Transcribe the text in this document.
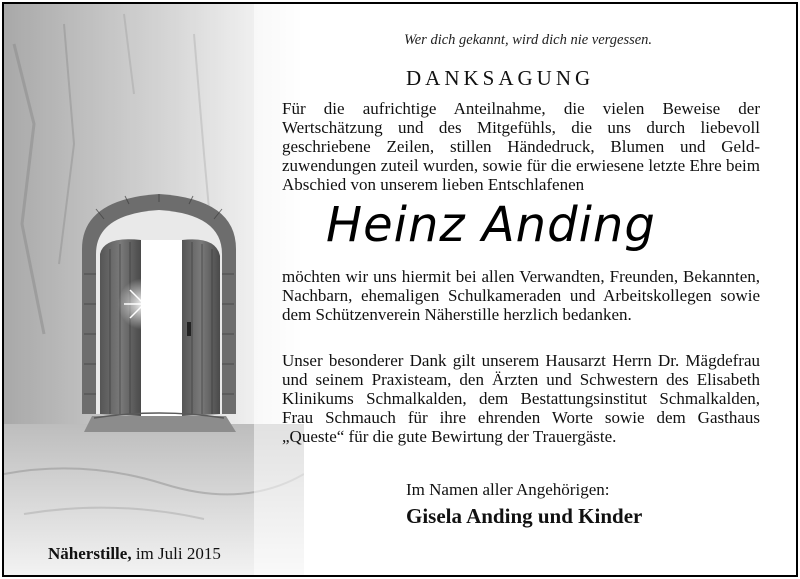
Wer dich gekannt, wird dich nie vergessen.
DANKSAGUNG
Für die aufrichtige Anteilnahme, die vielen Beweise der Wertschätzung und des Mitgefühls, die uns durch liebevoll geschriebene Zeilen, stillen Händedruck, Blumen und Geld-zuwendungen zuteil wurden, sowie für die erwiesene letzte Ehre beim Abschied von unserem lieben Entschlafenen
Heinz Anding
möchten wir uns hiermit bei allen Verwandten, Freunden, Bekannten, Nachbarn, ehemaligen Schulkameraden und Arbeitskollegen sowie dem Schützenverein Näherstille herzlich bedanken.
Unser besonderer Dank gilt unserem Hausarzt Herrn Dr. Mägdefrau und seinem Praxisteam, den Ärzten und Schwestern des Elisabeth Klinikums Schmalkalden, dem Bestattungsinstitut Schmalkalden, Frau Schmauch für ihre ehrenden Worte sowie dem Gasthaus „Queste“ für die gute Bewirtung der Trauergäste.
Im Namen aller Angehörigen:
Gisela Anding und Kinder
Näherstille, im Juli 2015
